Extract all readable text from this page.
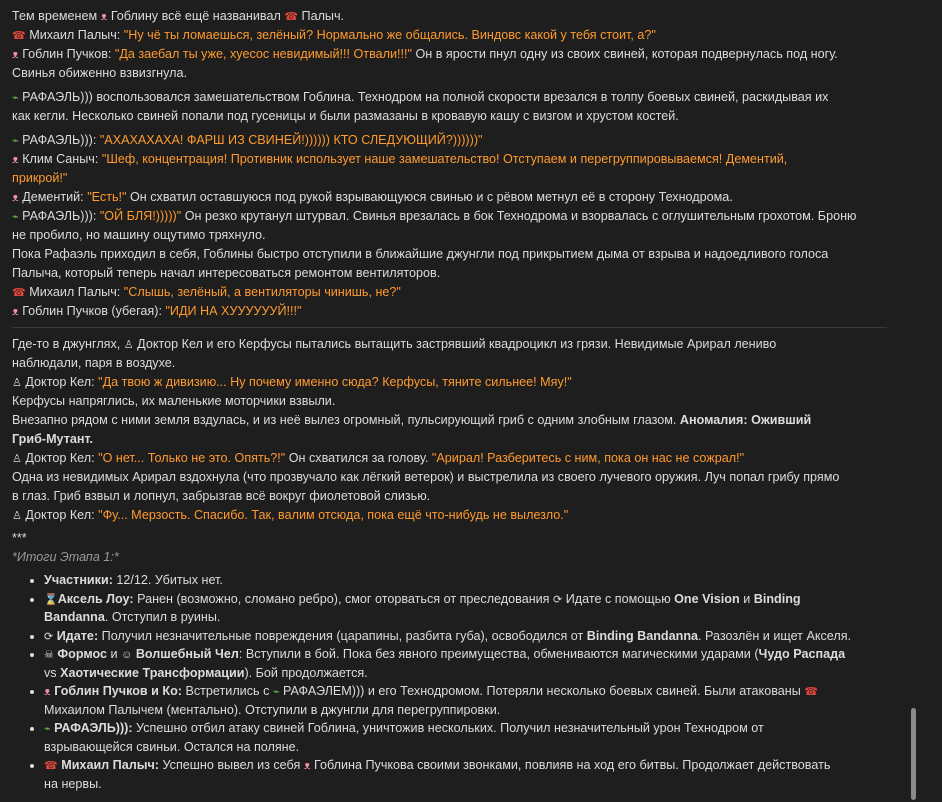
Тем временем ᴥ Гоблину всё ещё названивал ☎ Палыч.

☎ Михаил Палыч: "Ну чё ты ломаешься, зелёный? Нормально же общались. Виндовс какой у тебя стоит, а?"

ᴥ Гоблин Пучков: "Да заебал ты уже, хуесос невидимый!!! Отвали!!!" Он в ярости пнул одну из своих свиней, которая подвернулась под ногу.

Свинья обиженно взвизгнула.

⌁ РАФАЭЛЬ))) воспользовался замешательством Гоблина. Технодром на полной скорости врезался в толпу боевых свиней, раскидывая их

как кегли. Несколько свиней попали под гусеницы и были размазаны в кровавую кашу с визгом и хрустом костей.

⌁ РАФАЭЛЬ))): "АХАХАХАХА! ФАРШ ИЗ СВИНЕЙ!)))))) КТО СЛЕДУЮЩИЙ?))))))"

ᴥ Клим Саныч: "Шеф, концентрация! Противник использует наше замешательство! Отступаем и перегруппировываемся! Дементий,

прикрой!"

ᴥ Дементий: "Есть!" Он схватил оставшуюся под рукой взрывающуюся свинью и с рёвом метнул её в сторону Технодрома.

⌁ РАФАЭЛЬ))): "ОЙ БЛЯ!)))))" Он резко крутанул штурвал. Свинья врезалась в бок Технодрома и взорвалась с оглушительным грохотом. Броню

не пробило, но машину ощутимо тряхнуло.

Пока Рафаэль приходил в себя, Гоблины быстро отступили в ближайшие джунгли под прикрытием дыма от взрыва и надоедливого голоса

Палыча, который теперь начал интересоваться ремонтом вентиляторов.

☎ Михаил Палыч: "Слышь, зелёный, а вентиляторы чинишь, не?"

ᴥ Гоблин Пучков (убегая): "ИДИ НА ХУУУУУУЙ!!!"

Где-то в джунглях, ♙ Доктор Кел и его Керфусы пытались вытащить застрявший квадроцикл из грязи. Невидимые Арирал лениво

наблюдали, паря в воздухе.

♙ Доктор Кел: "Да твою ж дивизию... Ну почему именно сюда? Керфусы, тяните сильнее! Мяу!"

Керфусы напряглись, их маленькие моторчики взвыли.

Внезапно рядом с ними земля вздулась, и из неё вылез огромный, пульсирующий гриб с одним злобным глазом. Аномалия: Оживший

Гриб-Мутант.

♙ Доктор Кел: "О нет... Только не это. Опять?!" Он схватился за голову. "Арирал! Разберитесь с ним, пока он нас не сожрал!"

Одна из невидимых Арирал вздохнула (что прозвучало как лёгкий ветерок) и выстрелила из своего лучевого оружия. Луч попал грибу прямо

в глаз. Гриб взвыл и лопнул, забрызгав всё вокруг фиолетовой слизью.

♙ Доктор Кел: "Фу... Мерзость. Спасибо. Так, валим отсюда, пока ещё что-нибудь не вылезло."

***

*Итоги Этапа 1:*

• Участники: 12/12. Убитых нет.
• ⌛Аксель Лоу: Ранен (возможно, сломано ребро), смог оторваться от преследования ⟳ Идате с помощью One Vision и Binding
Bandanna. Отступил в руины.
• ⟳ Идате: Получил незначительные повреждения (царапины, разбита губа), освободился от Binding Bandanna. Разозлён и ищет Акселя.
• ☠ Формос и ☺ Волшебный Чел: Вступили в бой. Пока без явного преимущества, обмениваются магическими ударами (Чудо Распада
vs Хаотические Трансформации). Бой продолжается.
• ᴥ Гоблин Пучков и Ко: Встретились с ⌁ РАФАЭЛЕМ))) и его Технодромом. Потеряли несколько боевых свиней. Были атакованы ☎
Михаилом Палычем (ментально). Отступили в джунгли для перегруппировки.
• ⌁ РАФАЭЛЬ))): Успешно отбил атаку свиней Гоблина, уничтожив нескольких. Получил незначительный урон Технодром от
взрывающейся свиньи. Остался на поляне.
• ☎ Михаил Палыч: Успешно вывел из себя ᴥ Гоблина Пучкова своими звонками, повлияв на ход его битвы. Продолжает действовать
на нервы.
